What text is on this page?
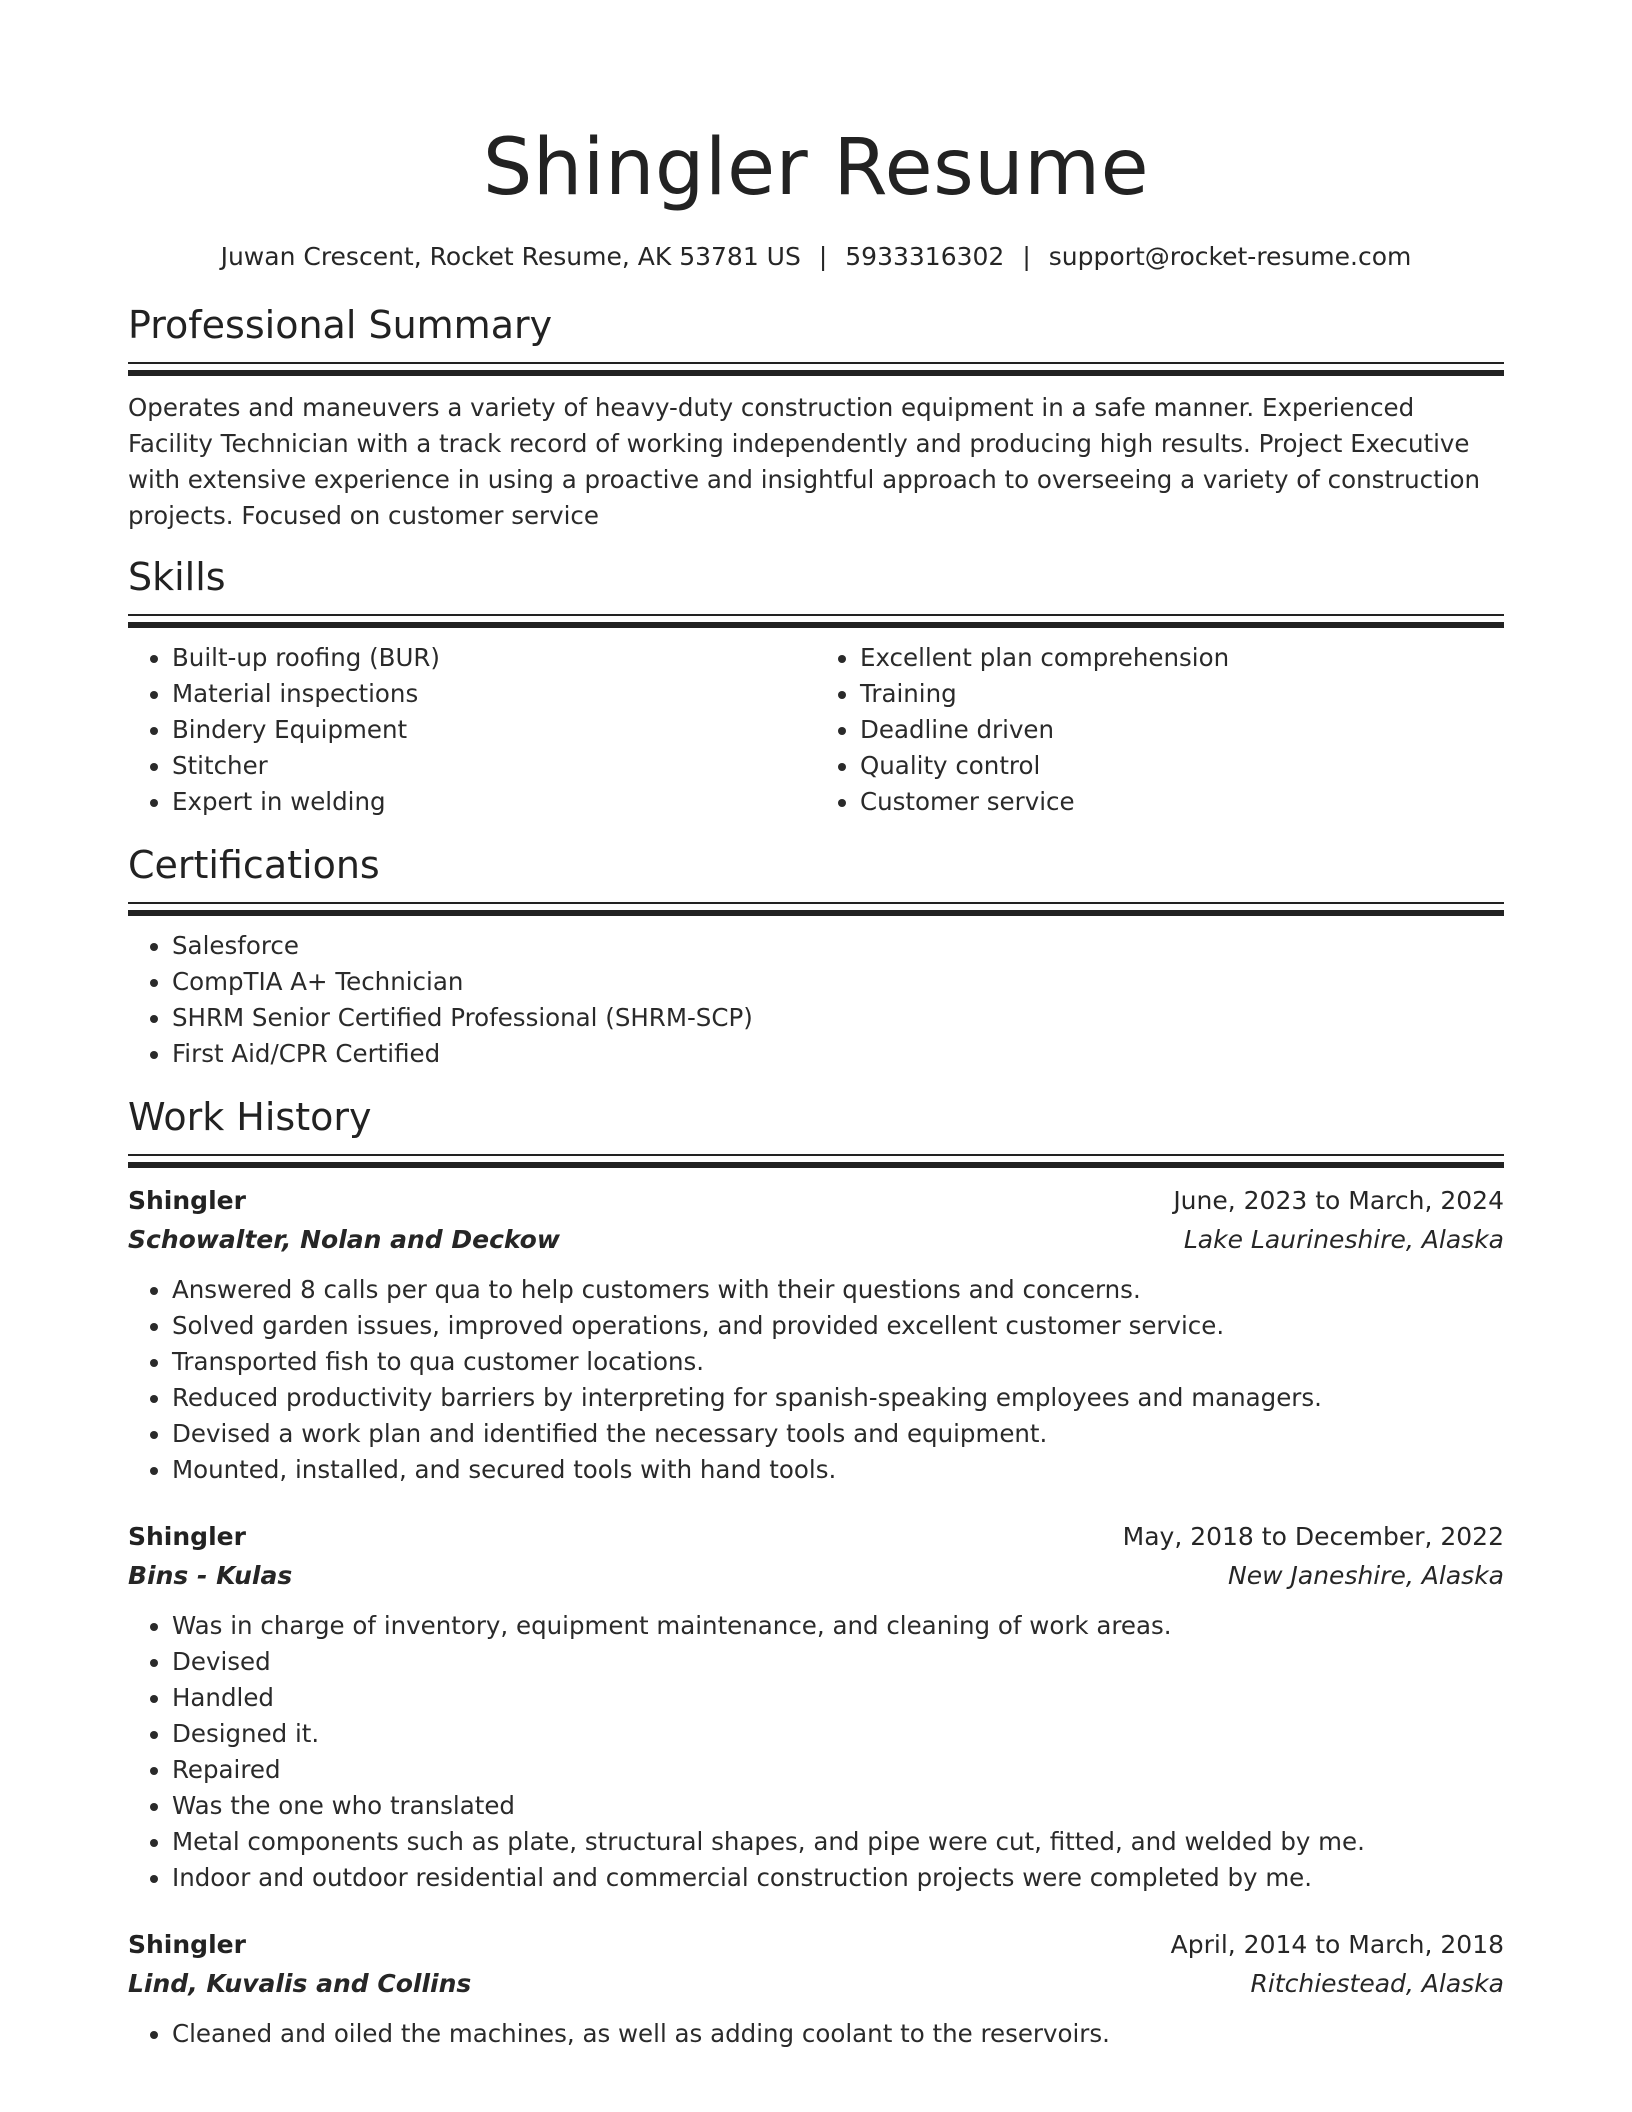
Shingler Resume
Juwan Crescent, Rocket Resume, AK 53781 US | 5933316302 | support@rocket-resume.com
Professional Summary

Operates and maneuvers a variety of heavy-duty construction equipment in a safe manner. Experienced Facility Technician with a track record of working independently and producing high results. Project Executive with extensive experience in using a proactive and insightful approach to overseeing a variety of construction projects. Focused on customer service

Skills
• Built-up roofing (BUR)
• Material inspections
• Bindery Equipment
• Stitcher
• Expert in welding
• Excellent plan comprehension
• Training
• Deadline driven
• Quality control
• Customer service
Certifications
• Salesforce
• CompTIA A+ Technician
• SHRM Senior Certified Professional (SHRM-SCP)
• First Aid/CPR Certified
Work History
Shingler	June, 2023 to March, 2024
Schowalter, Nolan and Deckow	Lake Laurineshire, Alaska
• Answered 8 calls per qua to help customers with their questions and concerns.
• Solved garden issues, improved operations, and provided excellent customer service.
• Transported fish to qua customer locations.
• Reduced productivity barriers by interpreting for spanish-speaking employees and managers.
• Devised a work plan and identified the necessary tools and equipment.
• Mounted, installed, and secured tools with hand tools.
Shingler	May, 2018 to December, 2022
Bins - Kulas	New Janeshire, Alaska
• Was in charge of inventory, equipment maintenance, and cleaning of work areas.
• Devised
• Handled
• Designed it.
• Repaired
• Was the one who translated
• Metal components such as plate, structural shapes, and pipe were cut, fitted, and welded by me.
• Indoor and outdoor residential and commercial construction projects were completed by me.
Shingler	April, 2014 to March, 2018
Lind, Kuvalis and Collins	Ritchiestead, Alaska
• Cleaned and oiled the machines, as well as adding coolant to the reservoirs.
